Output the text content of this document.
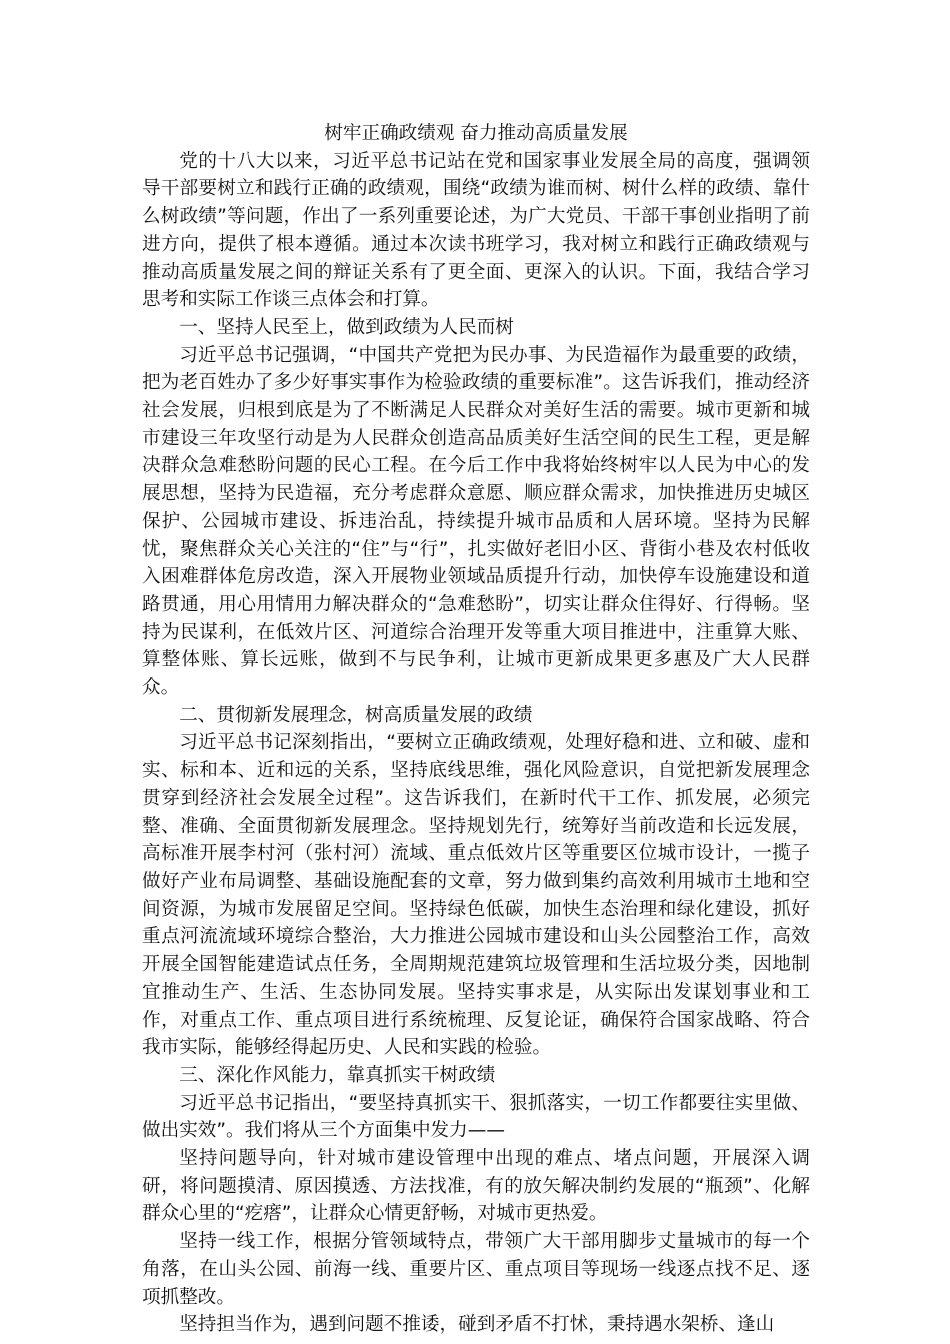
树牢正确政绩观 奋力推动高质量发展

党的十八大以来，习近平总书记站在党和国家事业发展全局的高度，强调领导干部要树立和践行正确的政绩观，围绕“政绩为谁而树、树什么样的政绩、靠什么树政绩”等问题，作出了一系列重要论述，为广大党员、干部干事创业指明了前进方向，提供了根本遵循。通过本次读书班学习，我对树立和践行正确政绩观与推动高质量发展之间的辩证关系有了更全面、更深入的认识。下面，我结合学习思考和实际工作谈三点体会和打算。

一、坚持人民至上，做到政绩为人民而树

习近平总书记强调，“中国共产党把为民办事、为民造福作为最重要的政绩，把为老百姓办了多少好事实事作为检验政绩的重要标准”。这告诉我们，推动经济社会发展，归根到底是为了不断满足人民群众对美好生活的需要。城市更新和城市建设三年攻坚行动是为人民群众创造高品质美好生活空间的民生工程，更是解决群众急难愁盼问题的民心工程。在今后工作中我将始终树牢以人民为中心的发展思想，坚持为民造福，充分考虑群众意愿、顺应群众需求，加快推进历史城区保护、公园城市建设、拆违治乱，持续提升城市品质和人居环境。坚持为民解忧，聚焦群众关心关注的“住”与“行”，扎实做好老旧小区、背街小巷及农村低收入困难群体危房改造，深入开展物业领域品质提升行动，加快停车设施建设和道路贯通，用心用情用力解决群众的“急难愁盼”，切实让群众住得好、行得畅。坚持为民谋利，在低效片区、河道综合治理开发等重大项目推进中，注重算大账、算整体账、算长远账，做到不与民争利，让城市更新成果更多惠及广大人民群众。

二、贯彻新发展理念，树高质量发展的政绩

习近平总书记深刻指出，“要树立正确政绩观，处理好稳和进、立和破、虚和实、标和本、近和远的关系，坚持底线思维，强化风险意识，自觉把新发展理念贯穿到经济社会发展全过程”。这告诉我们，在新时代干工作、抓发展，必须完整、准确、全面贯彻新发展理念。坚持规划先行，统筹好当前改造和长远发展，高标准开展李村河（张村河）流域、重点低效片区等重要区位城市设计，一揽子做好产业布局调整、基础设施配套的文章，努力做到集约高效利用城市土地和空间资源，为城市发展留足空间。坚持绿色低碳，加快生态治理和绿化建设，抓好重点河流流域环境综合整治，大力推进公园城市建设和山头公园整治工作，高效开展全国智能建造试点任务，全周期规范建筑垃圾管理和生活垃圾分类，因地制宜推动生产、生活、生态协同发展。坚持实事求是，从实际出发谋划事业和工作，对重点工作、重点项目进行系统梳理、反复论证，确保符合国家战略、符合我市实际，能够经得起历史、人民和实践的检验。

三、深化作风能力，靠真抓实干树政绩

习近平总书记指出，“要坚持真抓实干、狠抓落实，一切工作都要往实里做、做出实效”。我们将从三个方面集中发力——

坚持问题导向，针对城市建设管理中出现的难点、堵点问题，开展深入调研，将问题摸清、原因摸透、方法找准，有的放矢解决制约发展的“瓶颈”、化解群众心里的“疙瘩”，让群众心情更舒畅，对城市更热爱。

坚持一线工作，根据分管领域特点，带领广大干部用脚步丈量城市的每一个角落，在山头公园、前海一线、重要片区、重点项目等现场一线逐点找不足、逐项抓整改。

坚持担当作为，遇到问题不推诿，碰到矛盾不打怵，秉持遇水架桥、逢山
